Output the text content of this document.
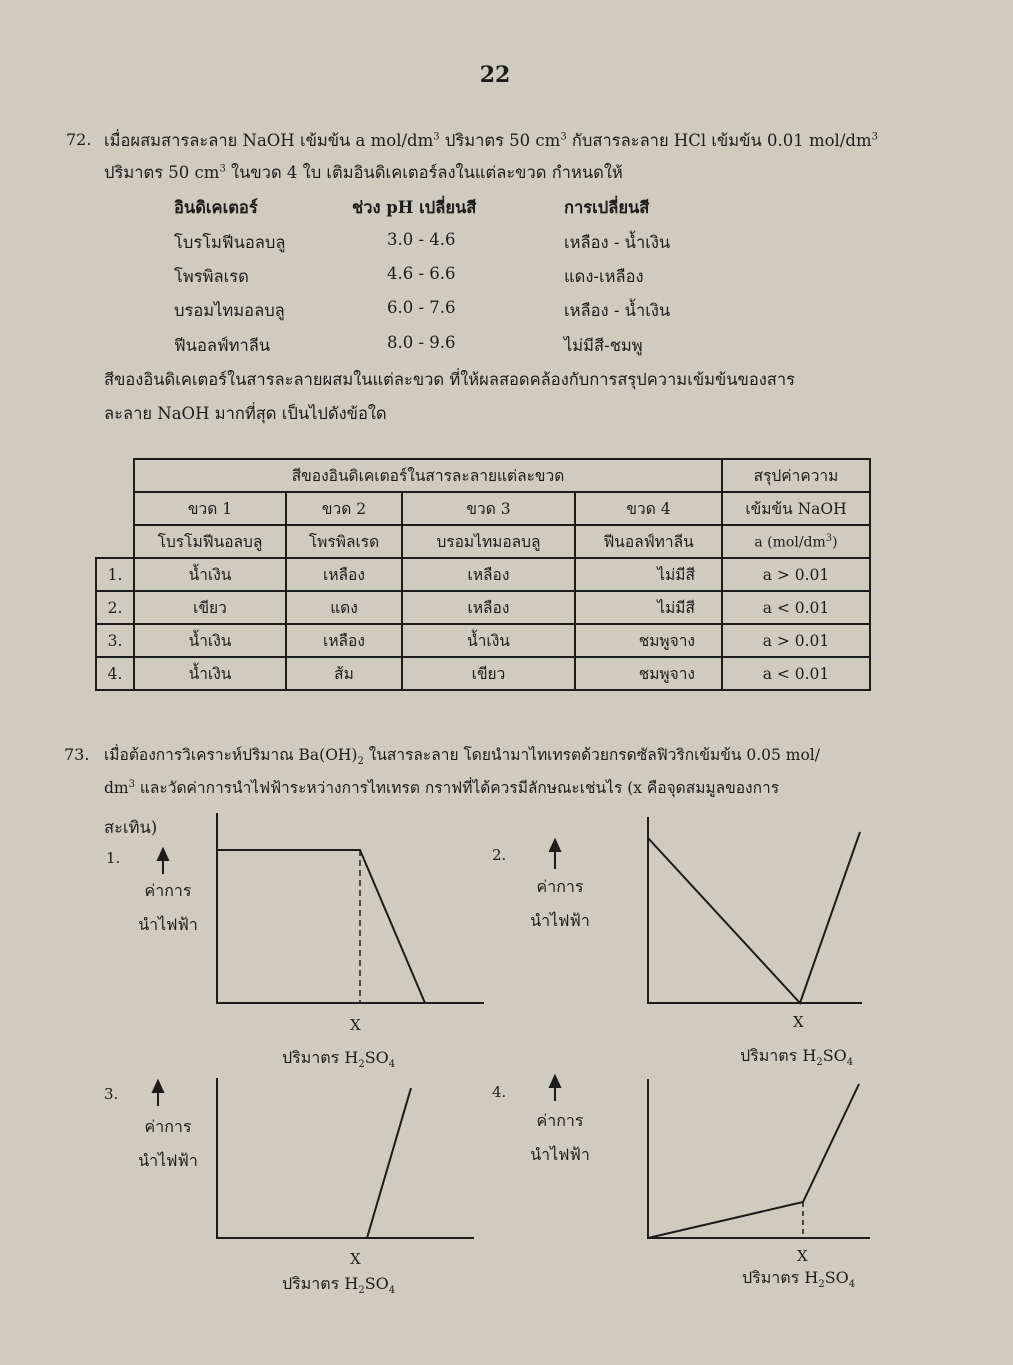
22
72. เมื่อผสมสารละลาย NaOH เข้มข้น a mol/$dm^3$ ปริมาตร 50 $cm^3$ กับสารละลาย HCl เข้มข้น 0.01 mol/$dm^3$
ปริมาตร 50 $cm^3$ ในขวด 4 ใบ เติมอินดิเคเตอร์ลงในแต่ละขวด กำหนดให้
อินดิเคเตอร์	ช่วง pH เปลี่ยนสี	การเปลี่ยนสี
โบรโมฟีนอลบลู	3.0 - 4.6	เหลือง - น้ำเงิน
โพรพิลเรด	4.6 - 6.6	แดง-เหลือง
บรอมไทมอลบลู	6.0 - 7.6	เหลือง - น้ำเงิน
ฟีนอลฟ์ทาลีน	8.0 - 9.6	ไม่มีสี-ชมพู
สีของอินดิเคเตอร์ในสารละลายผสมในแต่ละขวด ที่ให้ผลสอดคล้องกับการสรุปความเข้มข้นของสาร
ละลาย NaOH มากที่สุด เป็นไปดังข้อใด
	สีของอินดิเคเตอร์ในสารละลายแต่ละขวด				สรุปค่าความ
	ขวด 1	ขวด 2	ขวด 3	ขวด 4	เข้มข้น NaOH
	โบรโมฟีนอลบลู	โพรพิลเรด	บรอมไทมอลบลู	ฟีนอลฟ์ทาลีน	a $(mol/dm^3)$
1.	น้ำเงิน	เหลือง	เหลือง	ไม่มีสี	a > 0.01
2.	เขียว	แดง	เหลือง	ไม่มีสี	a < 0.01
3.	น้ำเงิน	เหลือง	น้ำเงิน	ชมพูจาง	a > 0.01
4.	น้ำเงิน	ส้ม	เขียว	ชมพูจาง	a < 0.01
73. เมื่อต้องการวิเคราะห์ปริมาณ $Ba(OH)_2$ ในสารละลาย โดยนำมาไทเทรตด้วยกรดซัลฟิวริกเข้มข้น 0.05 mol/
$dm^3$ และวัดค่าการนำไฟฟ้าระหว่างการไทเทรต กราฟที่ได้ควรมีลักษณะเช่นไร (x คือจุดสมมูลของการ
สะเทิน)
1.
ค่าการ
นำไฟฟ้า
X
ปริมาตร $H_2SO_4$
2.
ค่าการ
นำไฟฟ้า
X
ปริมาตร $H_2SO_4$
3.
ค่าการ
นำไฟฟ้า
X
ปริมาตร $H_2SO_4$
4.
ค่าการ
นำไฟฟ้า
X
ปริมาตร $H_2SO_4$
